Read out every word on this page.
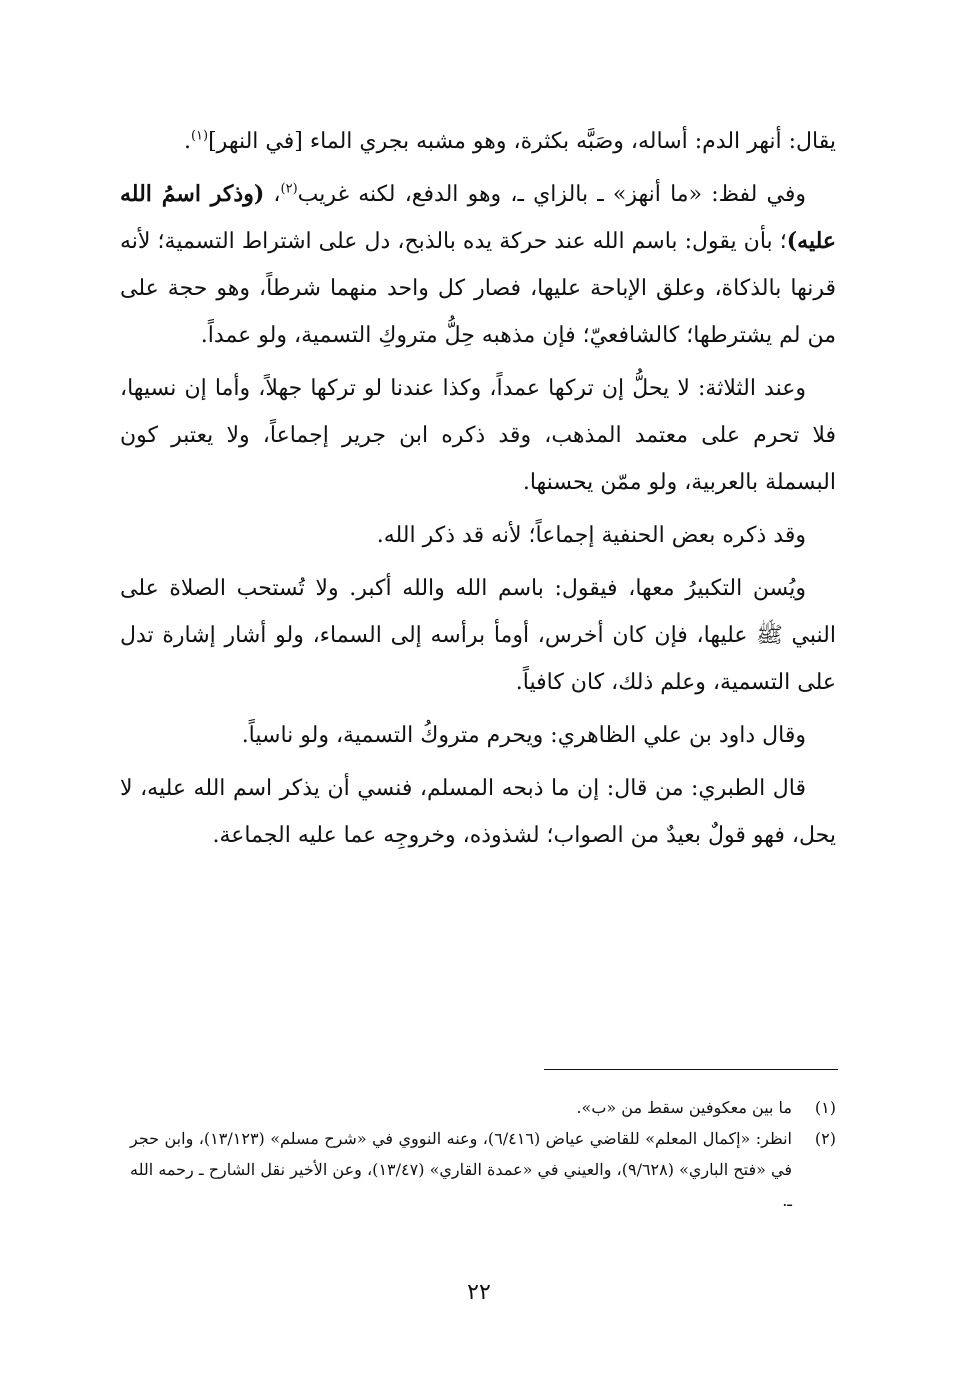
يقال: أنهر الدم: أساله، وصَبَّه بكثرة، وهو مشبه بجري الماء [في النهر]$^{(١)}$.

وفي لفظ: «ما أنهز» ـ بالزاي ـ، وهو الدفع، لكنه غريب$^{(٢)}$، (وذكر اسمُ الله عليه)؛ بأن يقول: باسم الله عند حركة يده بالذبح، دل على اشتراط التسمية؛ لأنه قرنها بالذكاة، وعلق الإباحة عليها، فصار كل واحد منهما شرطاً، وهو حجة على من لم يشترطها؛ كالشافعيّ؛ فإن مذهبه حِلُّ متروكِ التسمية، ولو عمداً.

وعند الثلاثة: لا يحلُّ إن تركها عمداً، وكذا عندنا لو تركها جهلاً، وأما إن نسيها، فلا تحرم على معتمد المذهب، وقد ذكره ابن جرير إجماعاً، ولا يعتبر كون البسملة بالعربية، ولو ممّن يحسنها.

وقد ذكره بعض الحنفية إجماعاً؛ لأنه قد ذكر الله.

ويُسن التكبيرُ معها، فيقول: باسم الله والله أكبر. ولا تُستحب الصلاة على النبي ﷺ عليها، فإن كان أخرس، أومأ برأسه إلى السماء، ولو أشار إشارة تدل على التسمية، وعلم ذلك، كان كافياً.

وقال داود بن علي الظاهري: ويحرم متروكُ التسمية، ولو ناسياً.

قال الطبري: من قال: إن ما ذبحه المسلم، فنسي أن يذكر اسم الله عليه، لا يحل، فهو قولٌ بعيدٌ من الصواب؛ لشذوذه، وخروجِه عما عليه الجماعة.

(١)
ما بين معكوفين سقط من «ب».
(٢)
انظر: «إكمال المعلم» للقاضي عياض (٦/٤١٦)، وعنه النووي في «شرح مسلم» (١٣/١٢٣)، وابن حجر في «فتح الباري» (٩/٦٢٨)، والعيني في «عمدة القاري» (١٣/٤٧)، وعن الأخير نقل الشارح ـ رحمه الله ـ.
٢٢
